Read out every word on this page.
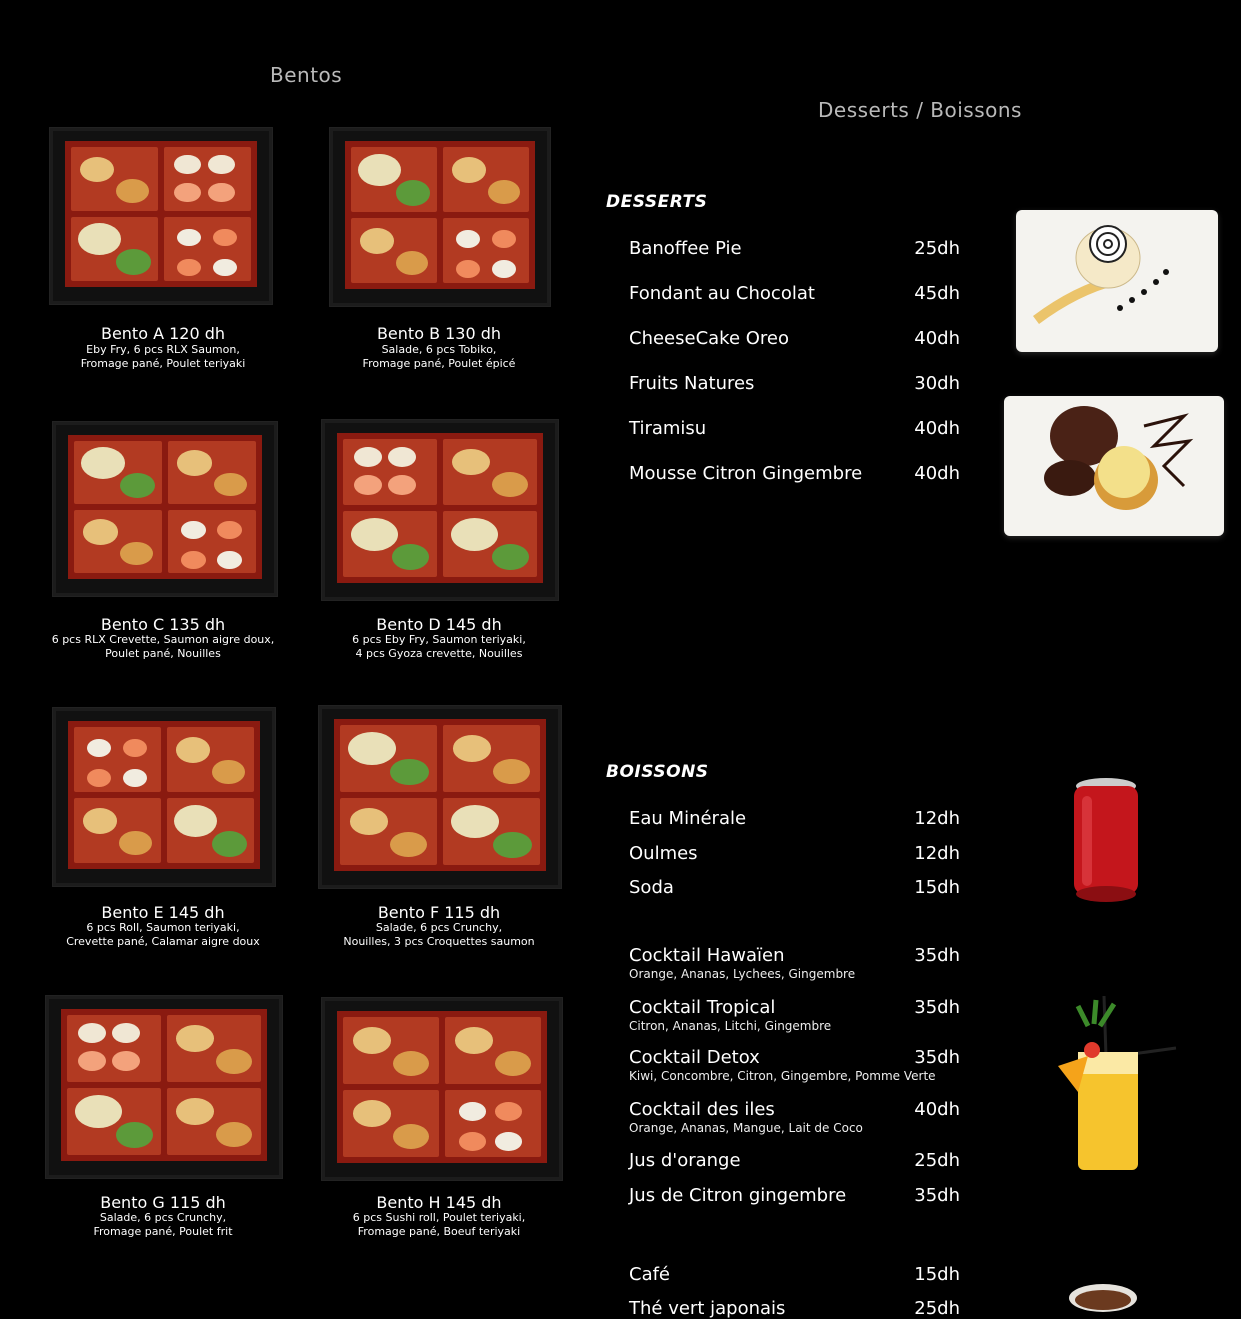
Bentos
Bento A 120 dh
Eby Fry, 6 pcs RLX Saumon,
Fromage pané, Poulet teriyaki
Bento B 130 dh
Salade, 6 pcs Tobiko,
Fromage pané, Poulet épicé
Bento C 135 dh
6 pcs RLX Crevette, Saumon aigre doux,
Poulet pané, Nouilles
Bento D 145 dh
6 pcs Eby Fry, Saumon teriyaki,
4 pcs Gyoza crevette, Nouilles
Bento E 145 dh
6 pcs Roll, Saumon teriyaki,
Crevette pané, Calamar aigre doux
Bento F 115 dh
Salade, 6 pcs Crunchy,
Nouilles, 3 pcs Croquettes saumon
Bento G 115 dh
Salade, 6 pcs Crunchy,
Fromage pané, Poulet frit
Bento H 145 dh
6 pcs Sushi roll, Poulet teriyaki,
Fromage pané, Boeuf teriyaki
Desserts / Boissons
DESSERTS
Banoffee Pie	25dh
Fondant au Chocolat	45dh
CheeseCake Oreo	40dh
Fruits Natures	30dh
Tiramisu	40dh
Mousse Citron Gingembre	40dh
BOISSONS
Eau Minérale	12dh
Oulmes	12dh
Soda	15dh
Cocktail Hawaïen	35dh
Orange, Ananas, Lychees, Gingembre
Cocktail Tropical	35dh
Citron, Ananas, Litchi, Gingembre
Cocktail Detox	35dh
Kiwi, Concombre, Citron, Gingembre, Pomme Verte
Cocktail des iles	40dh
Orange, Ananas, Mangue, Lait de Coco
Jus d'orange	25dh
Jus de Citron gingembre	35dh
Café	15dh
Thé vert japonais	25dh
